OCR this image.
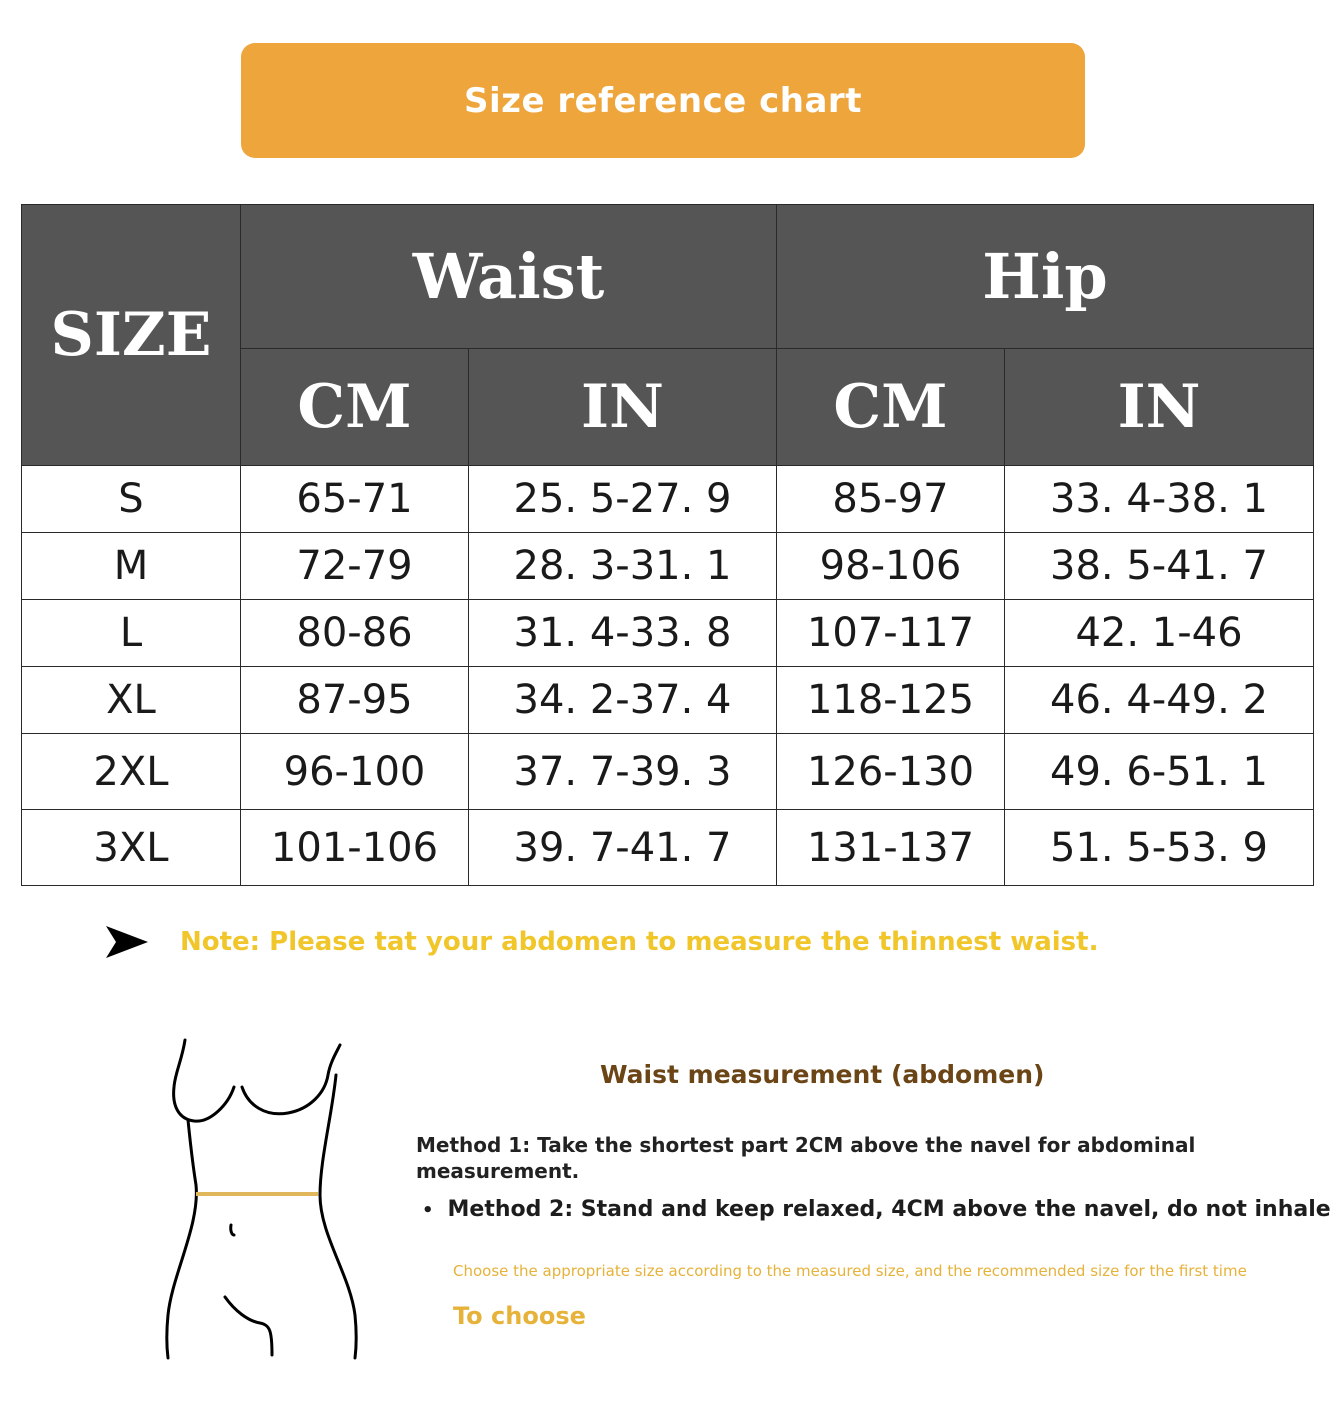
Size reference chart
SIZE	Waist		Hip	
	CM	IN	CM	IN
S	65-71	25. 5-27. 9	85-97	33. 4-38. 1
M	72-79	28. 3-31. 1	98-106	38. 5-41. 7
L	80-86	31. 4-33. 8	107-117	42. 1-46
XL	87-95	34. 2-37. 4	118-125	46. 4-49. 2
2XL	96-100	37. 7-39. 3	126-130	49. 6-51. 1
3XL	101-106	39. 7-41. 7	131-137	51. 5-53. 9
Note: Please tat your abdomen to measure the thinnest waist.
Waist measurement (abdomen)
Method 1: Take the shortest part 2CM above the navel for abdominal measurement.
• Method 2: Stand and keep relaxed, 4CM above the navel, do not inhale
Choose the appropriate size according to the measured size, and the recommended size for the first time
To choose
